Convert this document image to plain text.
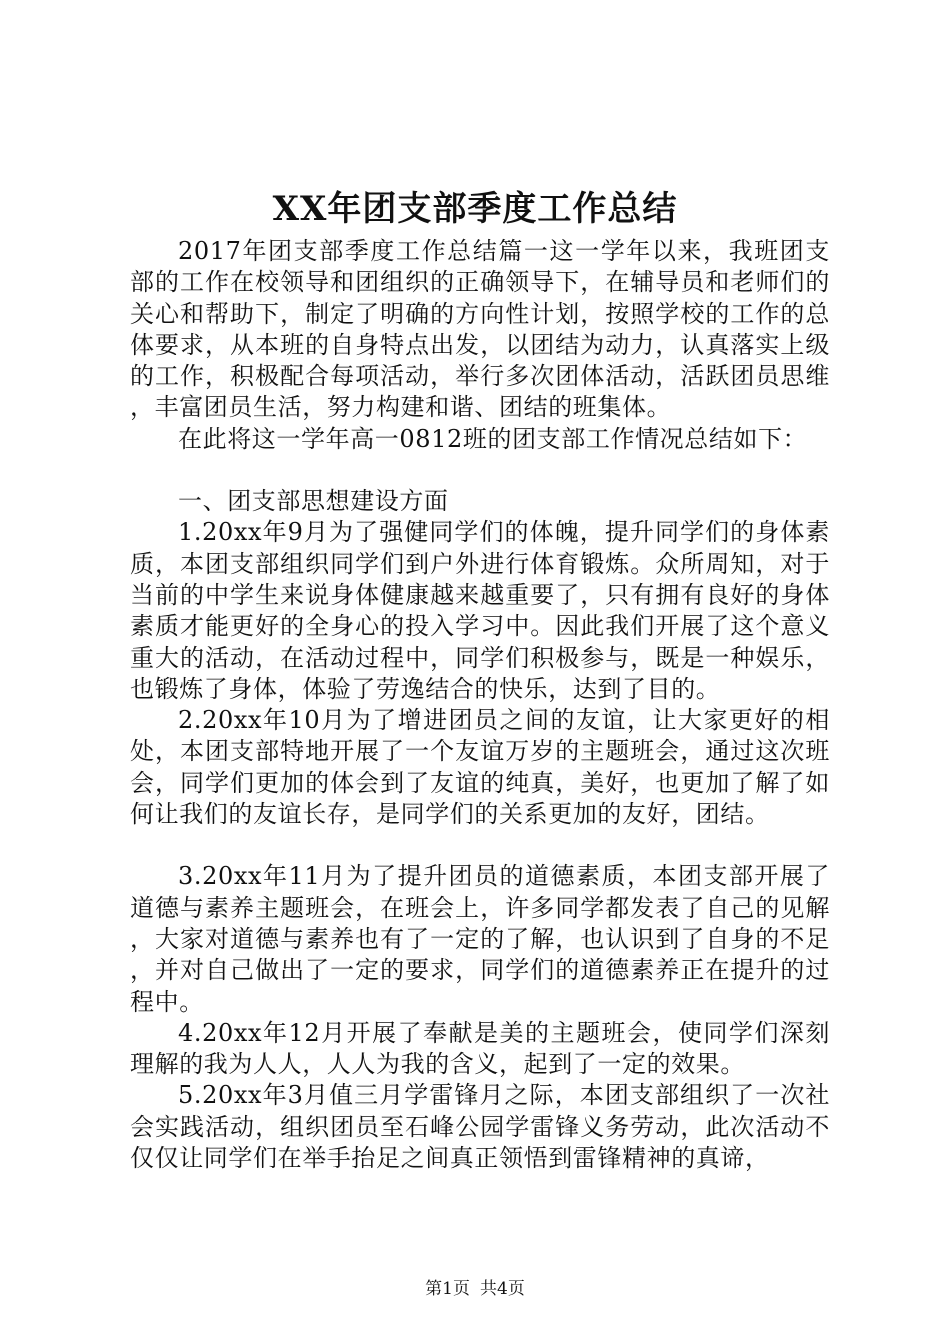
XX年团支部季度工作总结

2017年团支部季度工作总结篇一这一学年以来，我班团支部的工作在校领导和团组织的正确领导下，在辅导员和老师们的关心和帮助下，制定了明确的方向性计划，按照学校的工作的总体要求，从本班的自身特点出发，以团结为动力，认真落实上级的工作，积极配合每项活动，举行多次团体活动，活跃团员思维，丰富团员生活，努力构建和谐、团结的班集体。

在此将这一学年高一0812班的团支部工作情况总结如下：

一、团支部思想建设方面

1.20xx年9月为了强健同学们的体魄，提升同学们的身体素质，本团支部组织同学们到户外进行体育锻炼。众所周知，对于当前的中学生来说身体健康越来越重要了，只有拥有良好的身体素质才能更好的全身心的投入学习中。因此我们开展了这个意义重大的活动，在活动过程中，同学们积极参与，既是一种娱乐，也锻炼了身体，体验了劳逸结合的快乐，达到了目的。

2.20xx年10月为了增进团员之间的友谊，让大家更好的相处，本团支部特地开展了一个友谊万岁的主题班会，通过这次班会，同学们更加的体会到了友谊的纯真，美好，也更加了解了如何让我们的友谊长存，是同学们的关系更加的友好，团结。

3.20xx年11月为了提升团员的道德素质，本团支部开展了道德与素养主题班会，在班会上，许多同学都发表了自己的见解，大家对道德与素养也有了一定的了解，也认识到了自身的不足，并对自己做出了一定的要求，同学们的道德素养正在提升的过程中。

4.20xx年12月开展了奉献是美的主题班会，使同学们深刻理解的我为人人，人人为我的含义，起到了一定的效果。

5.20xx年3月值三月学雷锋月之际，本团支部组织了一次社会实践活动，组织团员至石峰公园学雷锋义务劳动，此次活动不仅仅让同学们在举手抬足之间真正领悟到雷锋精神的真谛，

第1页 共4页
